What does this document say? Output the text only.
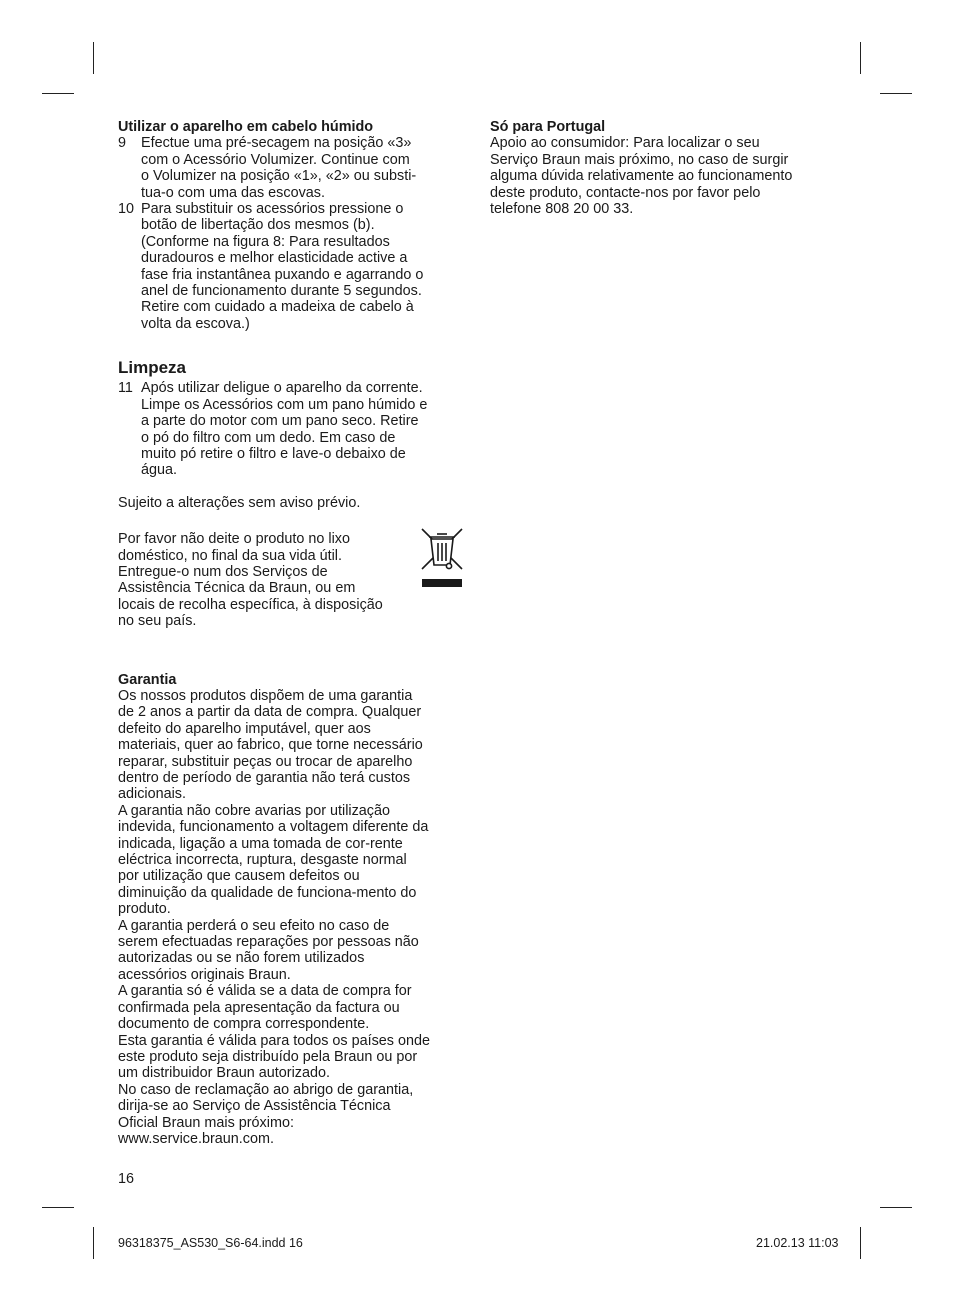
Utilizar o aparelho em cabelo húmido
9	Efectue uma pré-secagem na posição «3»
com o Acessório Volumizer. Continue com
o Volumizer na posição «1», «2» ou substi-
tua-o com uma das escovas.
10 Para substituir os acessórios pressione o
botão de libertação dos mesmos (b).
(Conforme na figura 8: Para resultados
duradouros e melhor elasticidade active a
fase fria instantânea puxando e agarrando o
anel de funcionamento durante 5 segundos.
Retire com cuidado a madeixa de cabelo à
volta da escova.)
Limpeza
11 Após utilizar deligue o aparelho da corrente.
Limpe os Acessórios com um pano húmido e
a parte do motor com um pano seco. Retire
o pó do filtro com um dedo. Em caso de
muito pó retire o filtro e lave-o debaixo de
água.
Sujeito a alterações sem aviso prévio.
Por favor não deite o produto no lixo
doméstico, no final da sua vida útil.
Entregue-o num dos Serviços de
Assistência Técnica da Braun, ou em
locais de recolha específica, à disposição
no seu país.
Garantia
Os nossos produtos dispõem de uma garantia
de 2 anos a partir da data de compra. Qualquer
defeito do aparelho imputável, quer aos
materiais, quer ao fabrico, que torne necessário
reparar, substituir peças ou trocar de aparelho
dentro de período de garantia não terá custos
adicionais.
A garantia não cobre avarias por utilização
indevida, funcionamento a voltagem diferente da
indicada, ligação a uma tomada de cor-rente
eléctrica incorrecta, ruptura, desgaste normal
por utilização que causem defeitos ou
diminuição da qualidade de funciona-mento do
produto.
A garantia perderá o seu efeito no caso de
serem efectuadas reparações por pessoas não
autorizadas ou se não forem utilizados
acessórios originais Braun.
A garantia só é válida se a data de compra for
confirmada pela apresentação da factura ou
documento de compra correspondente.
Esta garantia é válida para todos os países onde
este produto seja distribuído pela Braun ou por
um distribuidor Braun autorizado.
No caso de reclamação ao abrigo de garantia,
dirija-se ao Serviço de Assistência Técnica
Oficial Braun mais próximo:
www.service.braun.com.
Só para Portugal
Apoio ao consumidor: Para localizar o seu
Serviço Braun mais próximo, no caso de surgir
alguma dúvida relativamente ao funcionamento
deste produto, contacte-nos por favor pelo
telefone 808 20 00 33.
16
96318375_AS530_S6-64.indd 16	21.02.13 11:03
